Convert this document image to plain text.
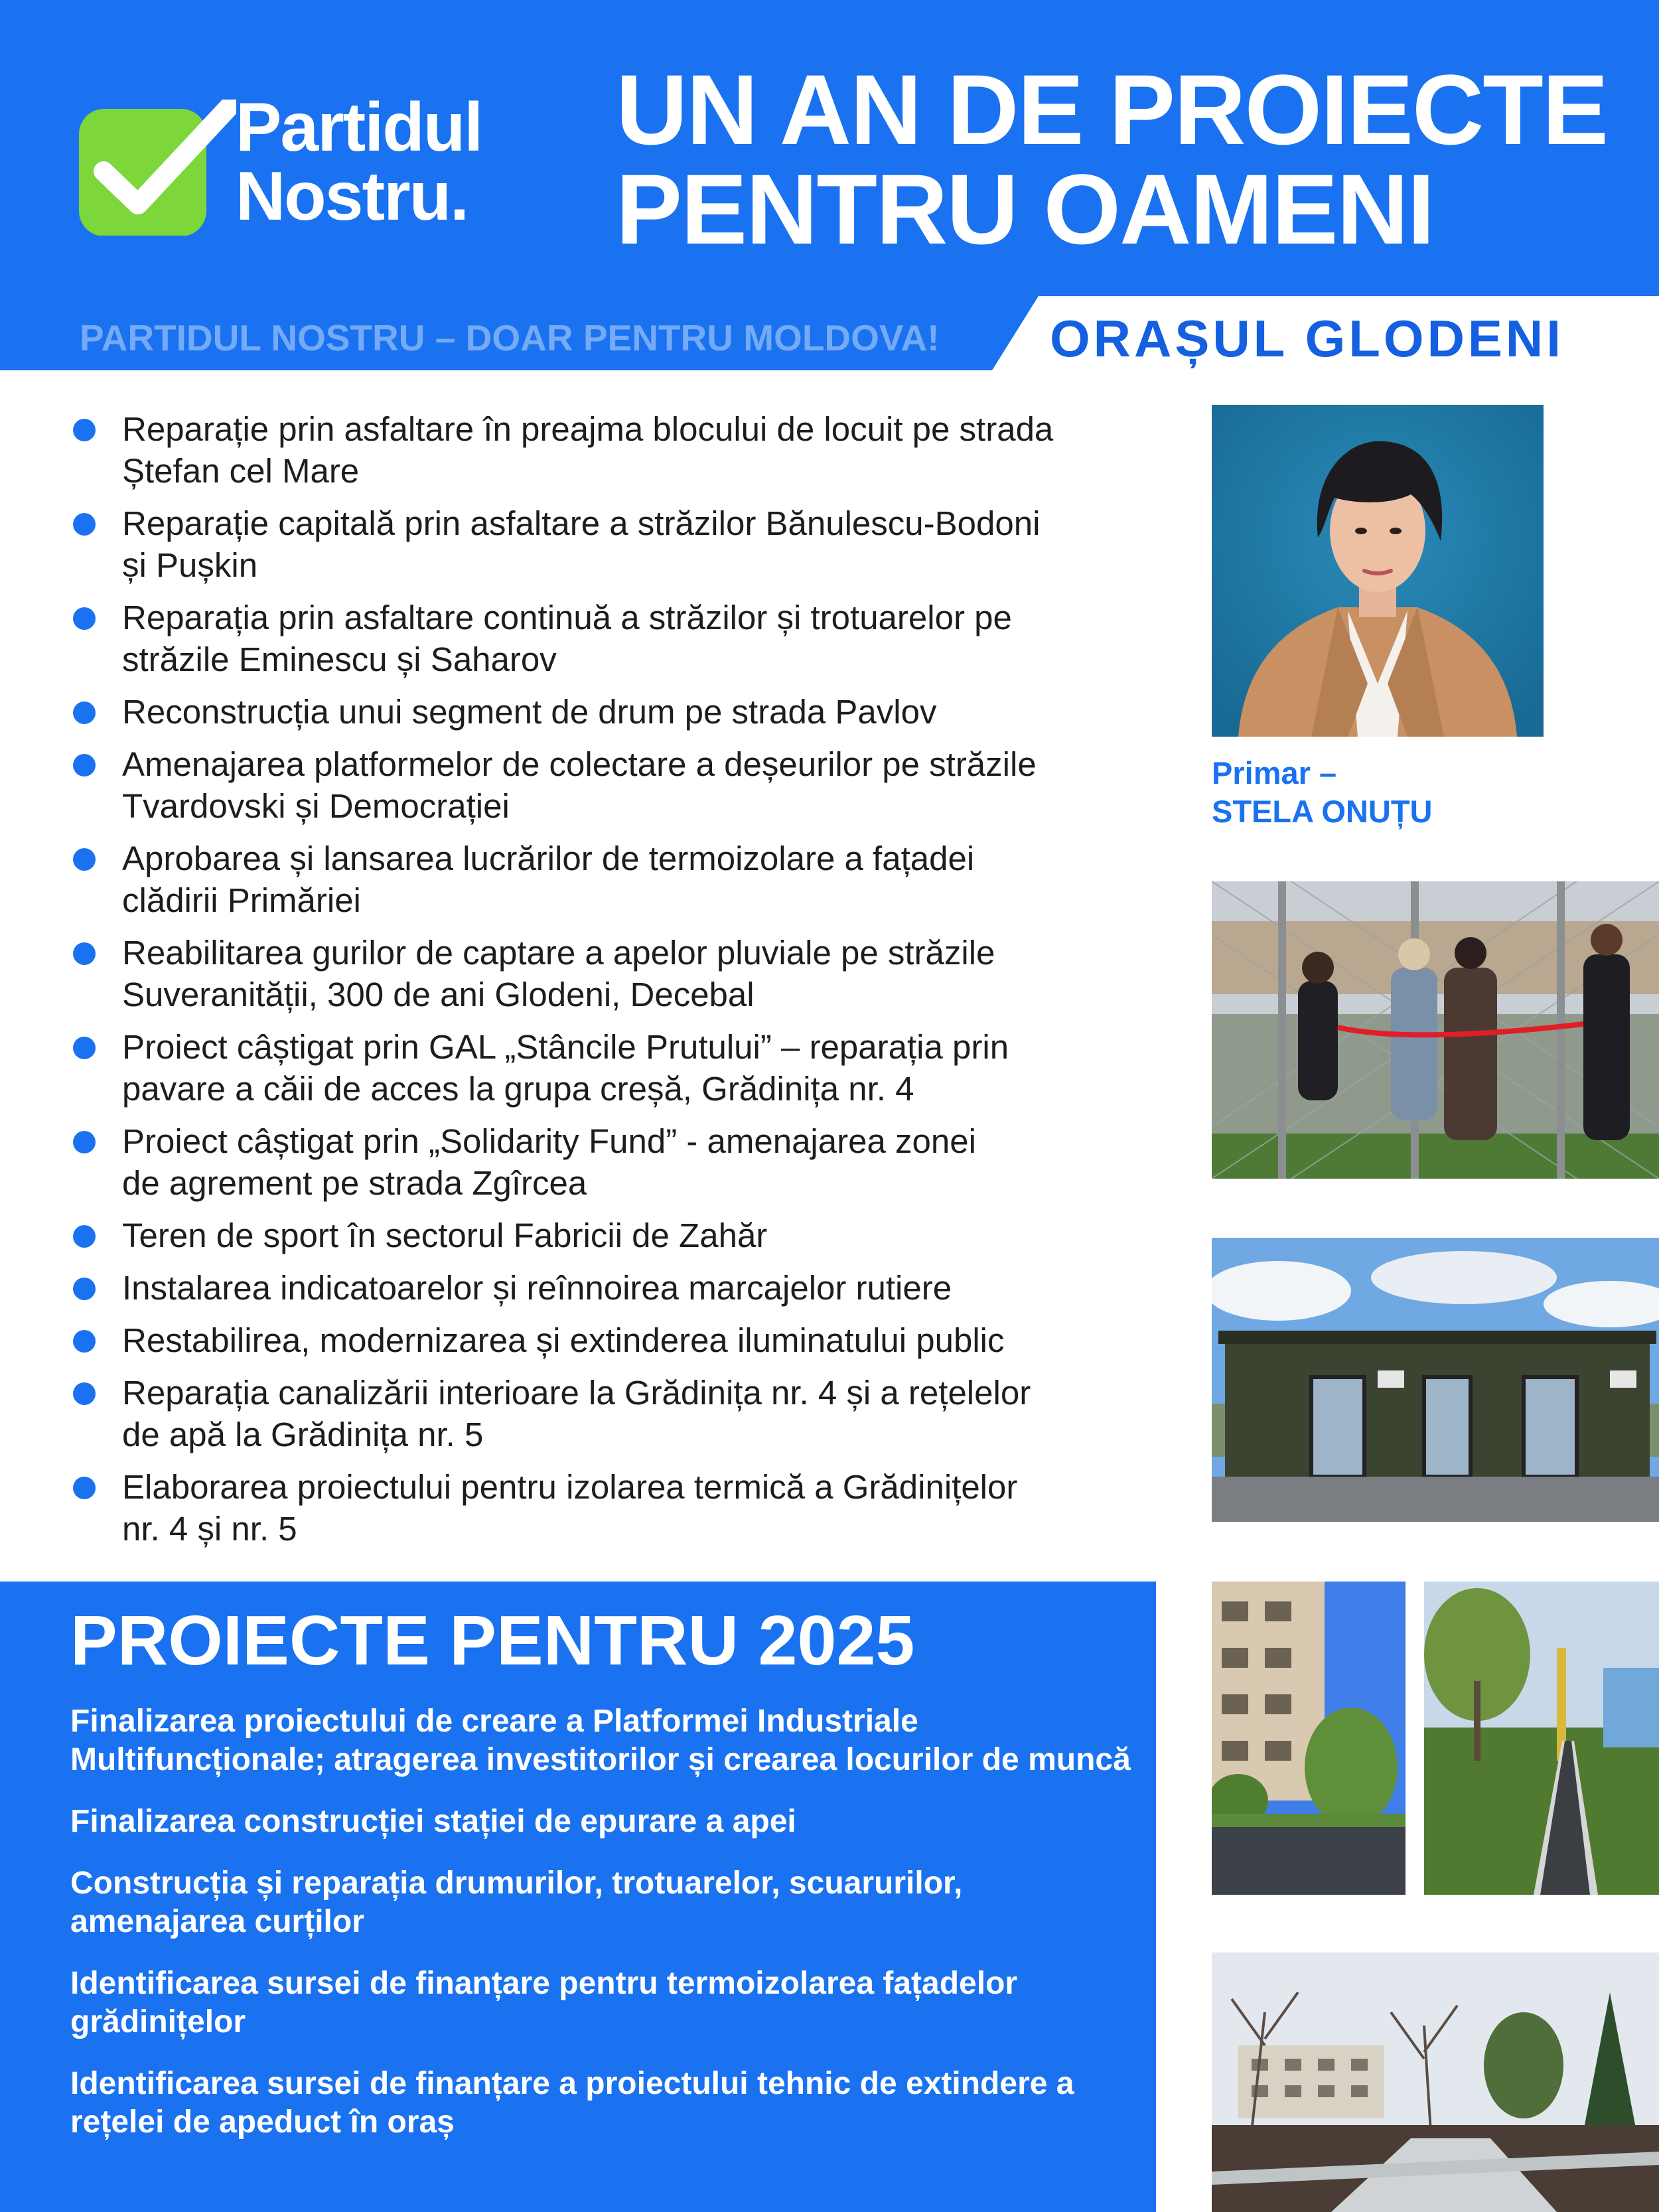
Partidul
Nostru.
UN AN DE PROIECTE
PENTRU OAMENI
PARTIDUL NOSTRU – DOAR PENTRU MOLDOVA! ORAȘUL GLODENI
Reparație prin asfaltare în preajma blocului de locuit pe strada
Ștefan cel Mare
Reparație capitală prin asfaltare a străzilor Bănulescu-Bodoni
și Pușkin
Reparația prin asfaltare continuă a străzilor și trotuarelor pe
străzile Eminescu și Saharov
Reconstrucția unui segment de drum pe strada Pavlov
Amenajarea platformelor de colectare a deșeurilor pe străzile
Tvardovski și Democrației
Aprobarea și lansarea lucrărilor de termoizolare a fațadei
clădirii Primăriei
Reabilitarea gurilor de captare a apelor pluviale pe străzile
Suveranității, 300 de ani Glodeni, Decebal
Proiect câștigat prin GAL „Stâncile Prutului” – reparația prin
pavare a căii de acces la grupa creșă, Grădinița nr. 4
Proiect câștigat prin „Solidarity Fund” - amenajarea zonei
de agrement pe strada Zgîrcea
Teren de sport în sectorul Fabricii de Zahăr
Instalarea indicatoarelor și reînnoirea marcajelor rutiere
Restabilirea, modernizarea și extinderea iluminatului public
Reparația canalizării interioare la Grădinița nr. 4 și a rețelelor
de apă la Grădinița nr. 5
Elaborarea proiectului pentru izolarea termică a Grădinițelor
nr. 4 și nr. 5
PROIECTE PENTRU 2025
Finalizarea proiectului de creare a Platformei Industriale
Multifuncționale; atragerea investitorilor și crearea locurilor de muncă
Finalizarea construcției stației de epurare a apei
Construcția și reparația drumurilor, trotuarelor, scuarurilor,
amenajarea curților
Identificarea sursei de finanțare pentru termoizolarea fațadelor
grădinițelor
Identificarea sursei de finanțare a proiectului tehnic de extindere a
rețelei de apeduct în oraș
Primar –
STELA ONUȚU
